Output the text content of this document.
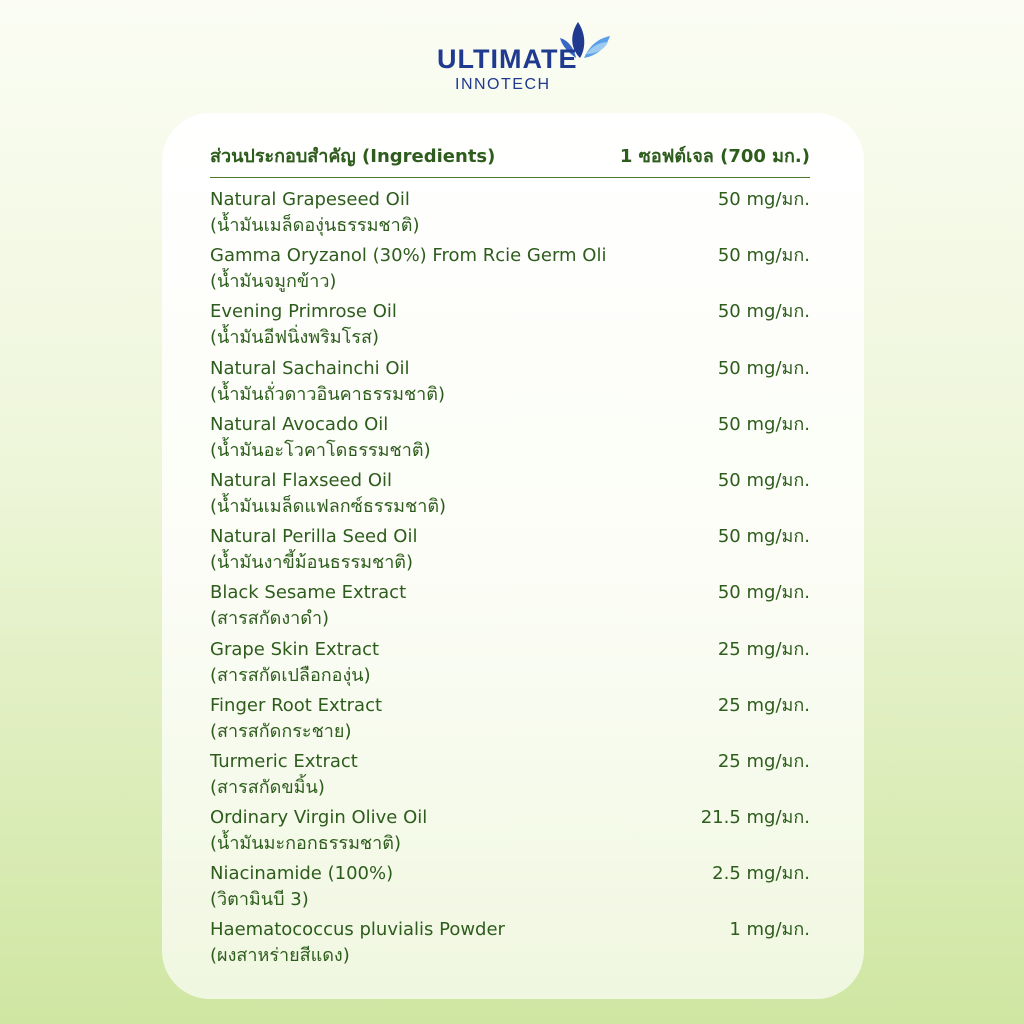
ULTIMATE
INNOTECH
ส่วนประกอบสำคัญ (Ingredients)	1 ซอฟต์เจล (700 มก.)
Natural Grapeseed Oil
(น้ำมันเมล็ดองุ่นธรรมชาติ)
50 mg/มก.
Gamma Oryzanol (30%) From Rcie Germ Oli
(น้ำมันจมูกข้าว)
50 mg/มก.
Evening Primrose Oil
(น้ำมันอีฟนิ่งพริมโรส)
50 mg/มก.
Natural Sachainchi Oil
(น้ำมันถั่วดาวอินคาธรรมชาติ)
50 mg/มก.
Natural Avocado Oil
(น้ำมันอะโวคาโดธรรมชาติ)
50 mg/มก.
Natural Flaxseed Oil
(น้ำมันเมล็ดแฟลกซ์ธรรมชาติ)
50 mg/มก.
Natural Perilla Seed Oil
(น้ำมันงาขี้ม้อนธรรมชาติ)
50 mg/มก.
Black Sesame Extract
(สารสกัดงาดำ)
50 mg/มก.
Grape Skin Extract
(สารสกัดเปลือกองุ่น)
25 mg/มก.
Finger Root Extract
(สารสกัดกระชาย)
25 mg/มก.
Turmeric Extract
(สารสกัดขมิ้น)
25 mg/มก.
Ordinary Virgin Olive Oil
(น้ำมันมะกอกธรรมชาติ)
21.5 mg/มก.
Niacinamide (100%)
(วิตามินบี 3)
2.5 mg/มก.
Haematococcus pluvialis Powder
(ผงสาหร่ายสีแดง)
1 mg/มก.
